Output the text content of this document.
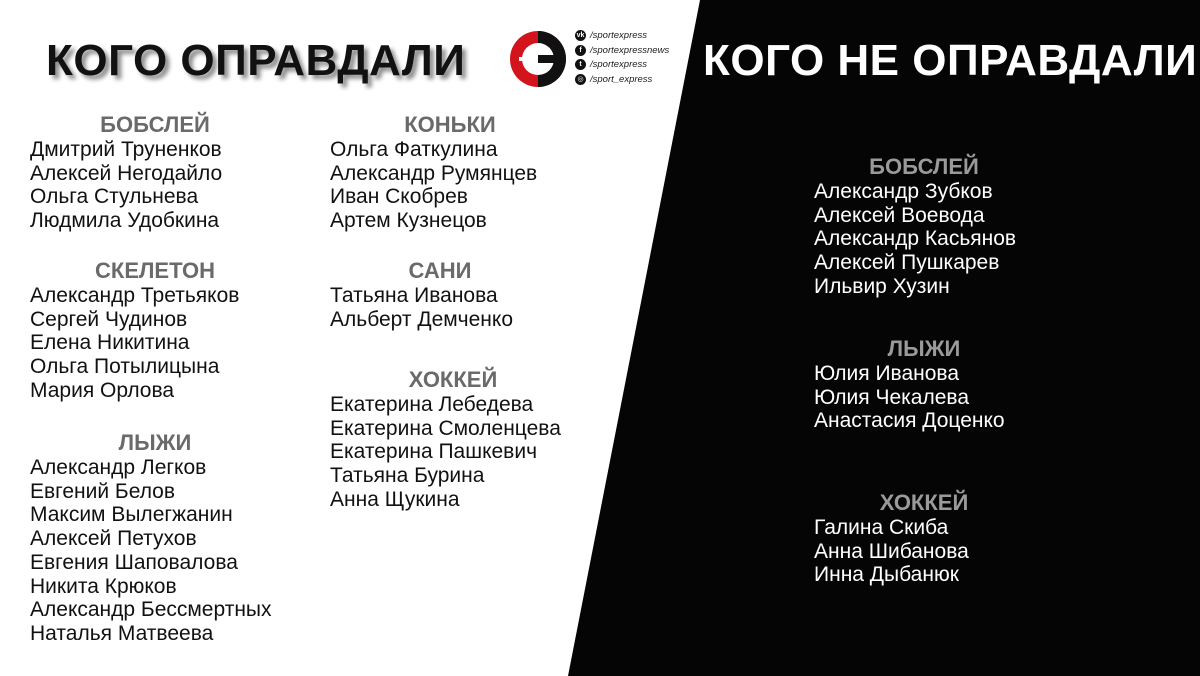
КОГО ОПРАВДАЛИ	КОГО НЕ ОПРАВДАЛИ
vk /sportexpress
f /sportexpressnews
t /sportexpress
◎ /sport_express
БОБСЛЕЙ
Дмитрий Труненков
Алексей Негодайло
Ольга Стульнева
Людмила Удобкина
СКЕЛЕТОН
Александр Третьяков
Сергей Чудинов
Елена Никитина
Ольга Потылицына
Мария Орлова
ЛЫЖИ
Александр Легков
Евгений Белов
Максим Вылегжанин
Алексей Петухов
Евгения Шаповалова
Никита Крюков
Александр Бессмертных
Наталья Матвеева
КОНЬКИ
Ольга Фаткулина
Александр Румянцев
Иван Скобрев
Артем Кузнецов
САНИ
Татьяна Иванова
Альберт Демченко
ХОККЕЙ
Екатерина Лебедева
Екатерина Смоленцева
Екатерина Пашкевич
Татьяна Бурина
Анна Щукина
БОБСЛЕЙ
Александр Зубков
Алексей Воевода
Александр Касьянов
Алексей Пушкарев
Ильвир Хузин
ЛЫЖИ
Юлия Иванова
Юлия Чекалева
Анастасия Доценко
ХОККЕЙ
Галина Скиба
Анна Шибанова
Инна Дыбанюк
